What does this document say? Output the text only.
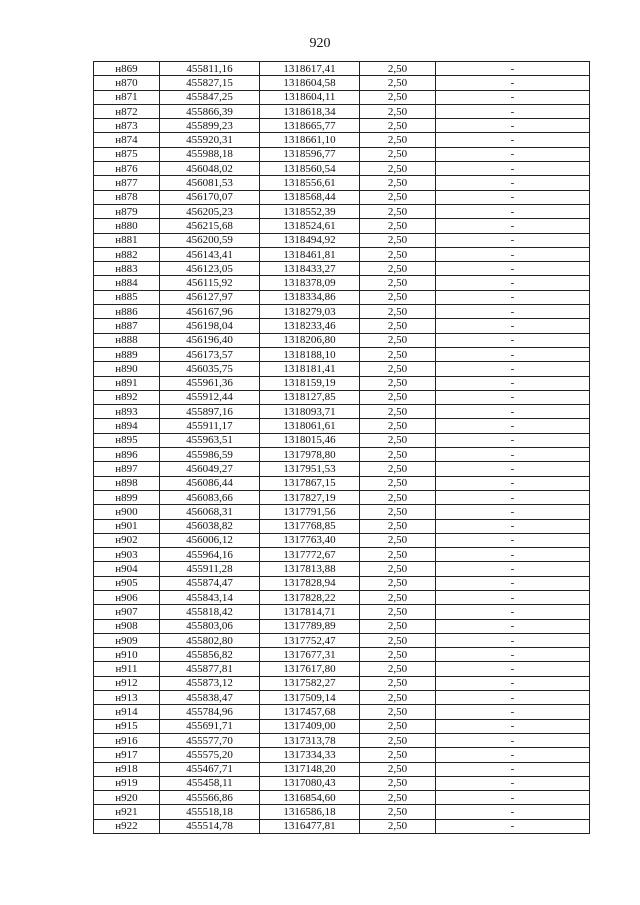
920
н869	455811,16	1318617,41	2,50	-
н870	455827,15	1318604,58	2,50	-
н871	455847,25	1318604,11	2,50	-
н872	455866,39	1318618,34	2,50	-
н873	455899,23	1318665,77	2,50	-
н874	455920,31	1318661,10	2,50	-
н875	455988,18	1318596,77	2,50	-
н876	456048,02	1318560,54	2,50	-
н877	456081,53	1318556,61	2,50	-
н878	456170,07	1318568,44	2,50	-
н879	456205,23	1318552,39	2,50	-
н880	456215,68	1318524,61	2,50	-
н881	456200,59	1318494,92	2,50	-
н882	456143,41	1318461,81	2,50	-
н883	456123,05	1318433,27	2,50	-
н884	456115,92	1318378,09	2,50	-
н885	456127,97	1318334,86	2,50	-
н886	456167,96	1318279,03	2,50	-
н887	456198,04	1318233,46	2,50	-
н888	456196,40	1318206,80	2,50	-
н889	456173,57	1318188,10	2,50	-
н890	456035,75	1318181,41	2,50	-
н891	455961,36	1318159,19	2,50	-
н892	455912,44	1318127,85	2,50	-
н893	455897,16	1318093,71	2,50	-
н894	455911,17	1318061,61	2,50	-
н895	455963,51	1318015,46	2,50	-
н896	455986,59	1317978,80	2,50	-
н897	456049,27	1317951,53	2,50	-
н898	456086,44	1317867,15	2,50	-
н899	456083,66	1317827,19	2,50	-
н900	456068,31	1317791,56	2,50	-
н901	456038,82	1317768,85	2,50	-
н902	456006,12	1317763,40	2,50	-
н903	455964,16	1317772,67	2,50	-
н904	455911,28	1317813,88	2,50	-
н905	455874,47	1317828,94	2,50	-
н906	455843,14	1317828,22	2,50	-
н907	455818,42	1317814,71	2,50	-
н908	455803,06	1317789,89	2,50	-
н909	455802,80	1317752,47	2,50	-
н910	455856,82	1317677,31	2,50	-
н911	455877,81	1317617,80	2,50	-
н912	455873,12	1317582,27	2,50	-
н913	455838,47	1317509,14	2,50	-
н914	455784,96	1317457,68	2,50	-
н915	455691,71	1317409,00	2,50	-
н916	455577,70	1317313,78	2,50	-
н917	455575,20	1317334,33	2,50	-
н918	455467,71	1317148,20	2,50	-
н919	455458,11	1317080,43	2,50	-
н920	455566,86	1316854,60	2,50	-
н921	455518,18	1316586,18	2,50	-
н922	455514,78	1316477,81	2,50	-
